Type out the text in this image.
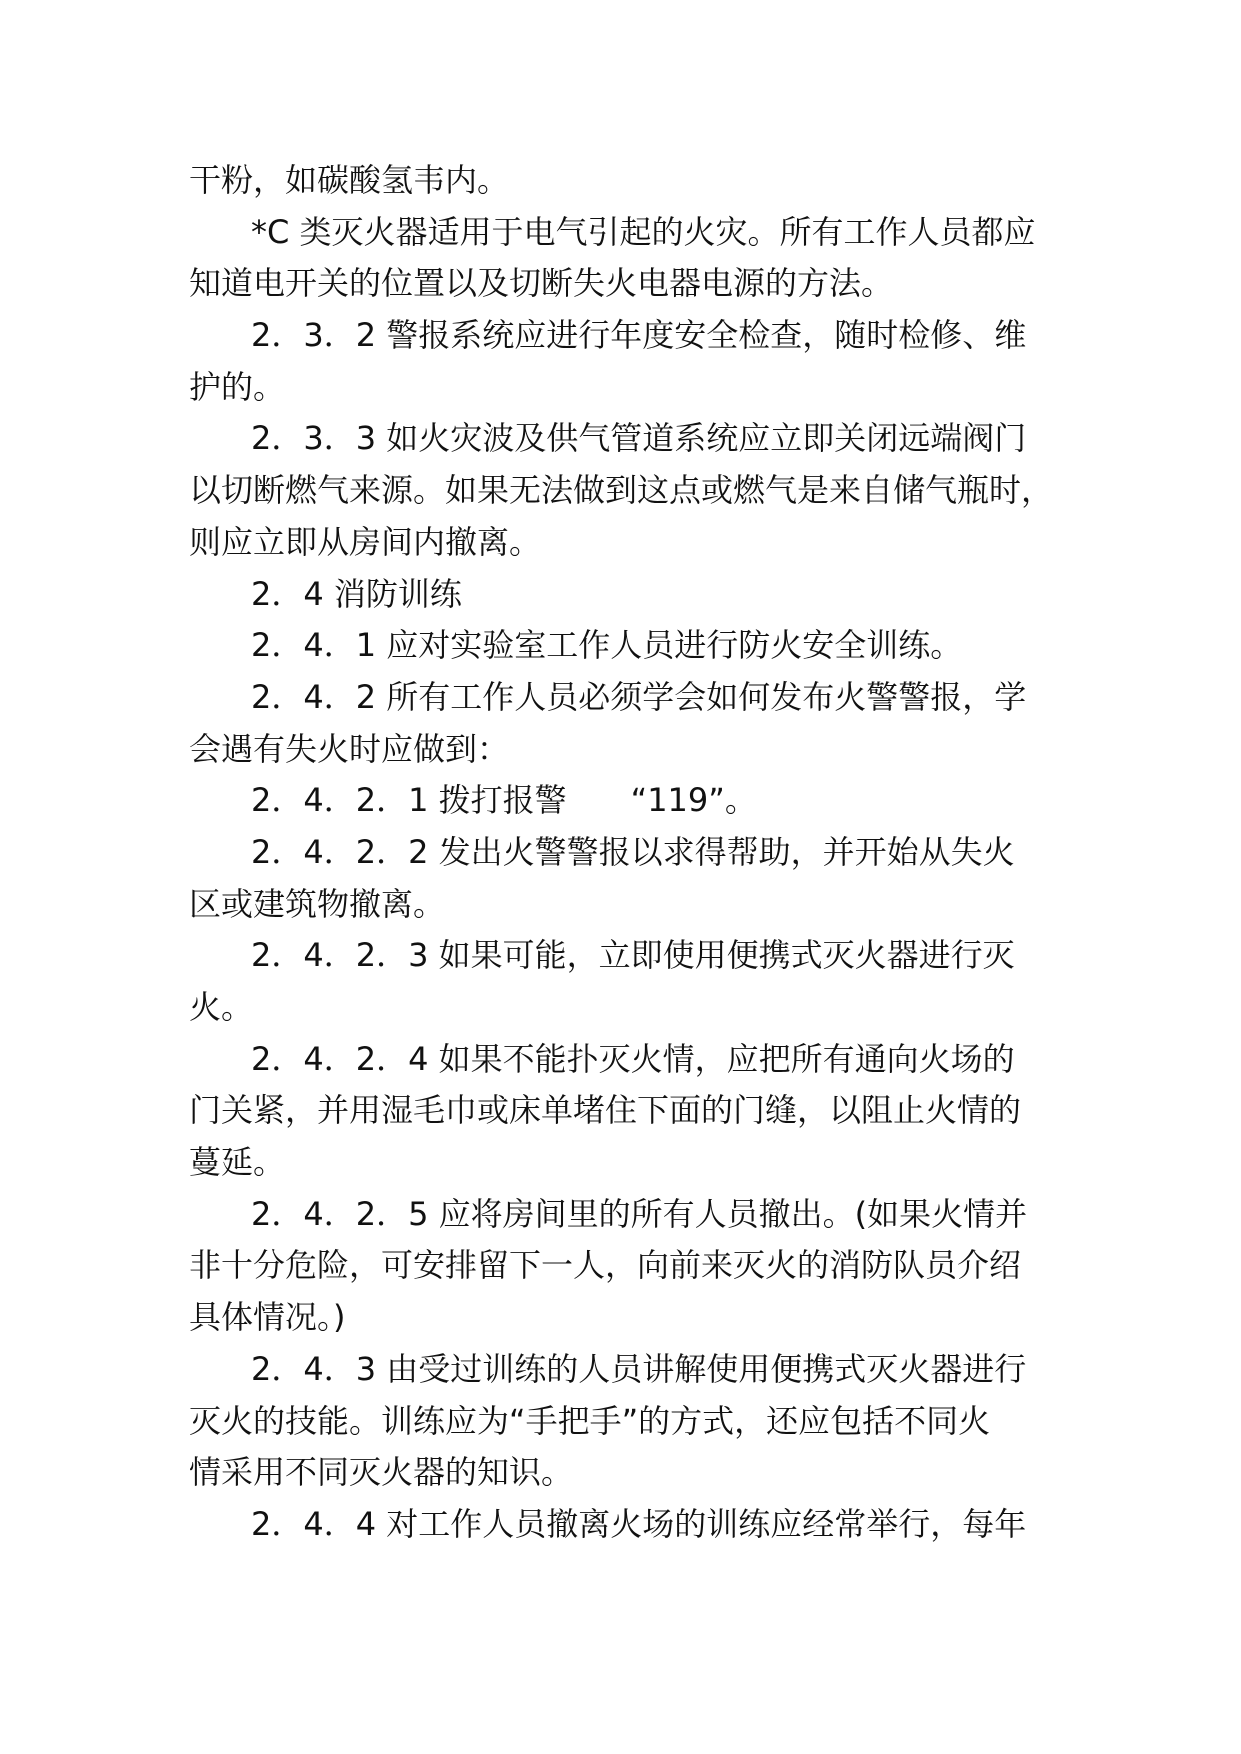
干粉，如碳酸氢韦内。
*C 类灭火器适用于电气引起的火灾。所有工作人员都应
知道电开关的位置以及切断失火电器电源的方法。
2．3．2 警报系统应进行年度安全检查，随时检修、维
护的。
2．3．3 如火灾波及供气管道系统应立即关闭远端阀门
以切断燃气来源。如果无法做到这点或燃气是来自储气瓶时，
则应立即从房间内撤离。
2．4 消防训练
2．4．1 应对实验室工作人员进行防火安全训练。
2．4．2 所有工作人员必须学会如何发布火警警报，学
会遇有失火时应做到：
2．4．2．1 拨打报警　　“119”。
2．4．2．2 发出火警警报以求得帮助，并开始从失火
区或建筑物撤离。
2．4．2．3 如果可能，立即使用便携式灭火器进行灭
火。
2．4．2．4 如果不能扑灭火情，应把所有通向火场的
门关紧，并用湿毛巾或床单堵住下面的门缝，以阻止火情的
蔓延。
2．4．2．5 应将房间里的所有人员撤出。(如果火情并
非十分危险，可安排留下一人，向前来灭火的消防队员介绍
具体情况。)
2．4．3 由受过训练的人员讲解使用便携式灭火器进行
灭火的技能。训练应为“手把手”的方式，还应包括不同火
情采用不同灭火器的知识。
2．4．4 对工作人员撤离火场的训练应经常举行，每年
